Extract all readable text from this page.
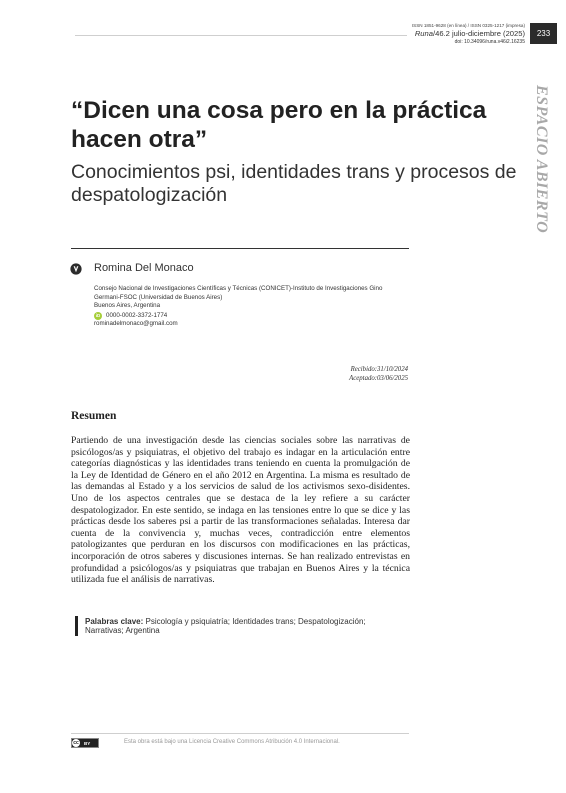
ISSN 1851-9628 (en línea) / ISSN 0325-1217 (impresa)
Runa/46.2 julio-diciembre (2025)
doi: 10.34096/runa.v46i2.16235
233
ESPACIO ABIERTO
“Dicen una cosa pero en la práctica hacen otra”
Conocimientos psi, identidades trans y procesos de despatologización
Romina Del Monaco
Consejo Nacional de Investigaciones Científicas y Técnicas (CONICET)-Instituto de Investigaciones Gino
Germani-FSOC (Universidad de Buenos Aires)
Buenos Aires, Argentina
iD 0000-0002-3372-1774
rominadelmonaco@gmail.com
Recibido:31/10/2024
Aceptado:03/06/2025
Resumen

Partiendo de una investigación desde las ciencias sociales sobre las narrativas de psicólogos/as y psiquiatras, el objetivo del trabajo es indagar en la articulación entre categorías diagnósticas y las identidades trans teniendo en cuenta la promulgación de la Ley de Identidad de Género en el año 2012 en Argentina. La misma es resultado de las demandas al Estado y a los servicios de salud de los activismos sexo-disidentes. Uno de los aspectos centrales que se destaca de la ley refiere a su carácter despatologizador. En este sentido, se indaga en las tensiones entre lo que se dice y las prácticas desde los saberes psi a partir de las transformaciones señaladas. Interesa dar cuenta de la convivencia y, muchas veces, contradicción entre elementos patologizantes que perduran en los discursos con modificaciones en las prácticas, incorporación de otros saberes y discusiones internas. Se han realizado entrevistas en profundidad a psicólogos/as y psiquiatras que trabajan en Buenos Aires y la técnica utilizada fue el análisis de narrativas.

Palabras clave: Psicología y psiquiatría; Identidades trans; Despatologización; Narrativas; Argentina
cc BY	Esta obra está bajo una Licencia Creative Commons Atribución 4.0 Internacional.
